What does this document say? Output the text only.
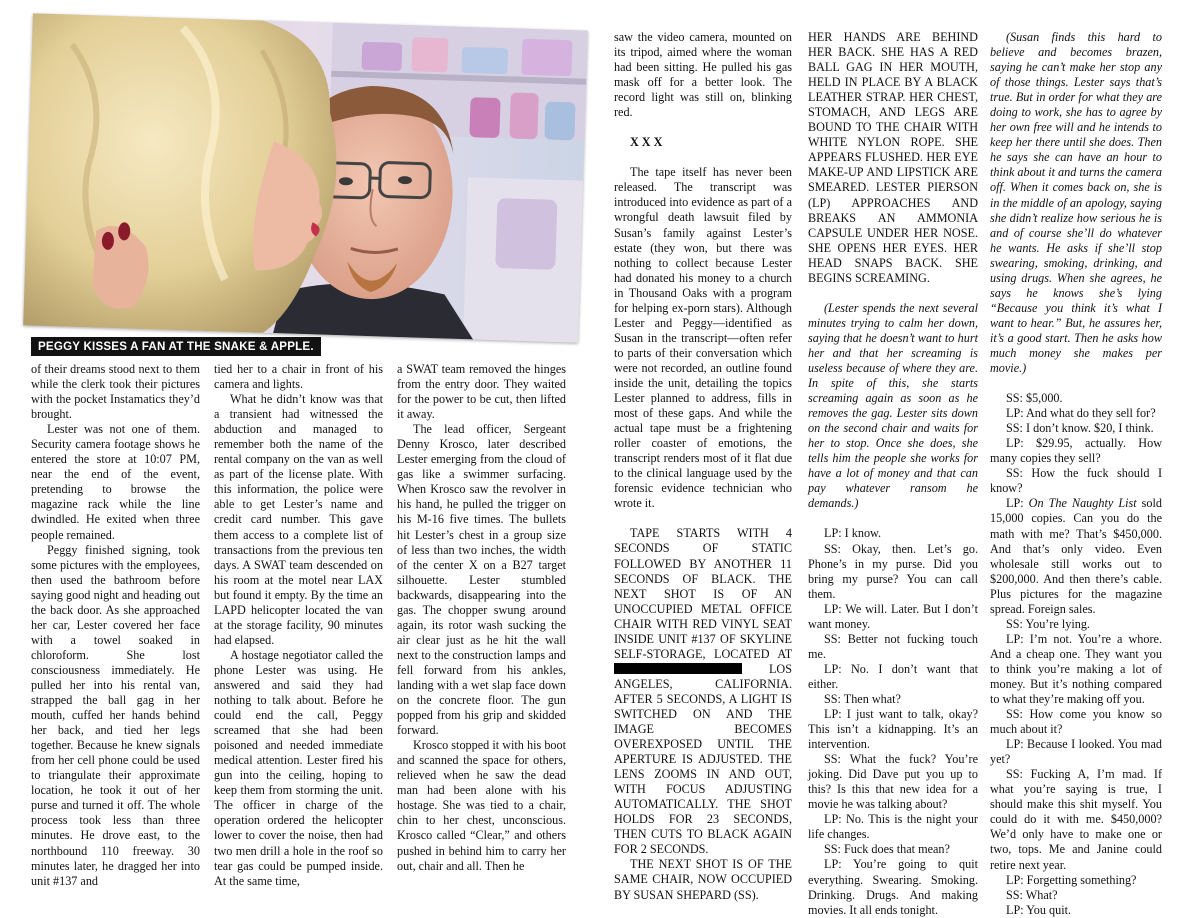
PEGGY KISSES A FAN AT THE SNAKE & APPLE.

of their dreams stood next to them while the clerk took their pictures with the pocket Instamatics they’d brought.

Lester was not one of them. Security camera footage shows he entered the store at 10:07 PM, near the end of the event, pretending to browse the magazine rack while the line dwindled. He exited when three people remained.

Peggy finished signing, took some pictures with the employees, then used the bathroom before saying good night and heading out the back door. As she approached her car, Lester covered her face with a towel soaked in chloroform. She lost consciousness immediately. He pulled her into his rental van, strapped the ball gag in her mouth, cuffed her hands behind her back, and tied her legs together. Because he knew signals from her cell phone could be used to triangulate their approximate location, he took it out of her purse and turned it off. The whole process took less than three minutes. He drove east, to the northbound 110 freeway. 30 minutes later, he dragged her into unit #137 and

tied her to a chair in front of his camera and lights.

What he didn’t know was that a transient had witnessed the abduction and managed to remember both the name of the rental company on the van as well as part of the license plate. With this information, the police were able to get Lester’s name and credit card number. This gave them access to a complete list of transactions from the previous ten days. A SWAT team descended on his room at the motel near LAX but found it empty. By the time an LAPD helicopter located the van at the storage facility, 90 minutes had elapsed.

A hostage negotiator called the phone Lester was using. He answered and said they had nothing to talk about. Before he could end the call, Peggy screamed that she had been poisoned and needed immediate medical attention. Lester fired his gun into the ceiling, hoping to keep them from storming the unit. The officer in charge of the operation ordered the helicopter lower to cover the noise, then had two men drill a hole in the roof so tear gas could be pumped inside. At the same time,

a SWAT team removed the hinges from the entry door. They waited for the power to be cut, then lifted it away.

The lead officer, Sergeant Denny Krosco, later described Lester emerging from the cloud of gas like a swimmer surfacing. When Krosco saw the revolver in his hand, he pulled the trigger on his M-16 five times. The bullets hit Lester’s chest in a group size of less than two inches, the width of the center X on a B27 target silhouette. Lester stumbled backwards, disappearing into the gas. The chopper swung around again, its rotor wash sucking the air clear just as he hit the wall next to the construction lamps and fell forward from his ankles, landing with a wet slap face down on the concrete floor. The gun popped from his grip and skidded forward.

Krosco stopped it with his boot and scanned the space for others, relieved when he saw the dead man had been alone with his hostage. She was tied to a chair, chin to her chest, unconscious. Krosco called “Clear,” and others pushed in behind him to carry her out, chair and all. Then he

saw the video camera, mounted on its tripod, aimed where the woman had been sitting. He pulled his gas mask off for a better look. The record light was still on, blinking red.

XXX

The tape itself has never been released. The transcript was introduced into evidence as part of a wrongful death lawsuit filed by Susan’s family against Lester’s estate (they won, but there was nothing to collect because Lester had donated his money to a church in Thousand Oaks with a program for helping ex-porn stars). Although Lester and Peggy—identified as Susan in the transcript—often refer to parts of their conversation which were not recorded, an outline found inside the unit, detailing the topics Lester planned to address, fills in most of these gaps. And while the actual tape must be a frightening roller coaster of emotions, the transcript renders most of it flat due to the clinical language used by the forensic evidence technician who wrote it.

TAPE STARTS WITH 4 SECONDS OF STATIC FOLLOWED BY ANOTHER 11 SECONDS OF BLACK. THE NEXT SHOT IS OF AN UNOCCUPIED METAL OFFICE CHAIR WITH RED VINYL SEAT INSIDE UNIT #137 OF SKYLINE SELF-STORAGE, LOCATED AT  LOS ANGELES, CALIFORNIA. AFTER 5 SECONDS, A LIGHT IS SWITCHED ON AND THE IMAGE BECOMES OVEREXPOSED UNTIL THE APERTURE IS ADJUSTED. THE LENS ZOOMS IN AND OUT, WITH FOCUS ADJUSTING AUTOMATICALLY. THE SHOT HOLDS FOR 23 SECONDS, THEN CUTS TO BLACK AGAIN FOR 2 SECONDS.

THE NEXT SHOT IS OF THE SAME CHAIR, NOW OCCUPIED BY SUSAN SHEPARD (SS).

HER HANDS ARE BEHIND HER BACK. SHE HAS A RED BALL GAG IN HER MOUTH, HELD IN PLACE BY A BLACK LEATHER STRAP. HER CHEST, STOMACH, AND LEGS ARE BOUND TO THE CHAIR WITH WHITE NYLON ROPE. SHE APPEARS FLUSHED. HER EYE MAKE-UP AND LIPSTICK ARE SMEARED. LESTER PIERSON (LP) APPROACHES AND BREAKS AN AMMONIA CAPSULE UNDER HER NOSE. SHE OPENS HER EYES. HER HEAD SNAPS BACK. SHE BEGINS SCREAMING.

(Lester spends the next several minutes trying to calm her down, saying that he doesn’t want to hurt her and that her screaming is useless because of where they are. In spite of this, she starts screaming again as soon as he removes the gag. Lester sits down on the second chair and waits for her to stop. Once she does, she tells him the people she works for have a lot of money and that can pay whatever ransom he demands.)

LP: I know.

SS: Okay, then. Let’s go. Phone’s in my purse. Did you bring my purse? You can call them.

LP: We will. Later. But I don’t want money.

SS: Better not fucking touch me.

LP: No. I don’t want that either.

SS: Then what?

LP: I just want to talk, okay? This isn’t a kidnapping. It’s an intervention.

SS: What the fuck? You’re joking. Did Dave put you up to this? Is this that new idea for a movie he was talking about?

LP: No. This is the night your life changes.

SS: Fuck does that mean?

LP: You’re going to quit everything. Swearing. Smoking. Drinking. Drugs. And making movies. It all ends tonight.

(Susan finds this hard to believe and becomes brazen, saying he can’t make her stop any of those things. Lester says that’s true. But in order for what they are doing to work, she has to agree by her own free will and he intends to keep her there until she does. Then he says she can have an hour to think about it and turns the camera off. When it comes back on, she is in the middle of an apology, saying she didn’t realize how serious he is and of course she’ll do whatever he wants. He asks if she’ll stop swearing, smoking, drinking, and using drugs. When she agrees, he says he knows she’s lying “Because you think it’s what I want to hear.” But, he assures her, it’s a good start. Then he asks how much money she makes per movie.)

SS: $5,000.

LP: And what do they sell for?

SS: I don’t know. $20, I think.

LP: $29.95, actually. How many copies they sell?

SS: How the fuck should I know?

LP: On The Naughty List sold 15,000 copies. Can you do the math with me? That’s $450,000. And that’s only video. Even wholesale still works out to $200,000. And then there’s cable. Plus pictures for the magazine spread. Foreign sales.

SS: You’re lying.

LP: I’m not. You’re a whore. And a cheap one. They want you to think you’re making a lot of money. But it’s nothing compared to what they’re making off you.

SS: How come you know so much about it?

LP: Because I looked. You mad yet?

SS: Fucking A, I’m mad. If what you’re saying is true, I should make this shit myself. You could do it with me. $450,000? We’d only have to make one or two, tops. Me and Janine could retire next year.

LP: Forgetting something?

SS: What?

LP: You quit.
